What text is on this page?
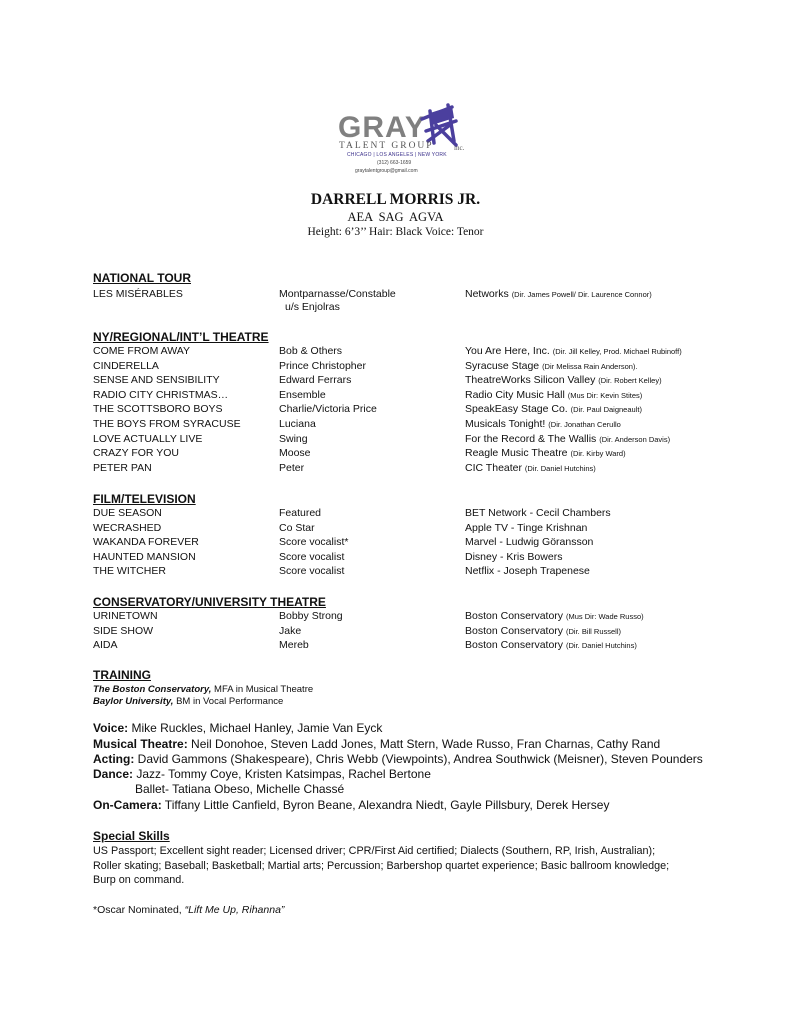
GRAY
TALENT GROUP	inc.
CHICAGO | LOS ANGELES | NEW YORK
(312) 663-1659
graytalentgroup@gmail.com
DARRELL MORRIS JR.
AEA SAG AGVA
Height: 6’3’’ Hair: Black Voice: Tenor
NATIONAL TOUR
LES MISÉRABLES	Montparnasse/Constable	Networks (Dir. James Powell/ Dir. Laurence Connor)
u/s Enjolras
NY/REGIONAL/INT’L THEATRE
COME FROM AWAY	Bob & Others	You Are Here, Inc. (Dir. Jill Kelley, Prod. Michael Rubinoff)
CINDERELLA	Prince Christopher	Syracuse Stage (Dir Melissa Rain Anderson).
SENSE AND SENSIBILITY	Edward Ferrars	TheatreWorks Silicon Valley (Dir. Robert Kelley)
RADIO CITY CHRISTMAS…	Ensemble	Radio City Music Hall (Mus Dir: Kevin Stites)
THE SCOTTSBORO BOYS	Charlie/Victoria Price	SpeakEasy Stage Co. (Dir. Paul Daigneault)
THE BOYS FROM SYRACUSE	Luciana	Musicals Tonight! (Dir. Jonathan Cerullo
LOVE ACTUALLY LIVE	Swing	For the Record & The Wallis (Dir. Anderson Davis)
CRAZY FOR YOU	Moose	Reagle Music Theatre (Dir. Kirby Ward)
PETER PAN	Peter	CIC Theater (Dir. Daniel Hutchins)
FILM/TELEVISION
DUE SEASON	Featured	BET Network - Cecil Chambers
WECRASHED	Co Star	Apple TV - Tinge Krishnan
WAKANDA FOREVER	Score vocalist*	Marvel - Ludwig Göransson
HAUNTED MANSION	Score vocalist	Disney - Kris Bowers
THE WITCHER	Score vocalist	Netflix - Joseph Trapenese
CONSERVATORY/UNIVERSITY THEATRE
URINETOWN	Bobby Strong	Boston Conservatory (Mus Dir: Wade Russo)
SIDE SHOW	Jake	Boston Conservatory (Dir. Bill Russell)
AIDA	Mereb	Boston Conservatory (Dir. Daniel Hutchins)
TRAINING
The Boston Conservatory, MFA in Musical Theatre
Baylor University, BM in Vocal Performance
Voice: Mike Ruckles, Michael Hanley, Jamie Van Eyck
Musical Theatre: Neil Donohoe, Steven Ladd Jones, Matt Stern, Wade Russo, Fran Charnas, Cathy Rand
Acting: David Gammons (Shakespeare), Chris Webb (Viewpoints), Andrea Southwick (Meisner), Steven Pounders
Dance: Jazz- Tommy Coye, Kristen Katsimpas, Rachel Bertone
Ballet- Tatiana Obeso, Michelle Chassé
On-Camera: Tiffany Little Canfield, Byron Beane, Alexandra Niedt, Gayle Pillsbury, Derek Hersey
Special Skills
US Passport; Excellent sight reader; Licensed driver; CPR/First Aid certified; Dialects (Southern, RP, Irish, Australian);
Roller skating; Baseball; Basketball; Martial arts; Percussion; Barbershop quartet experience; Basic ballroom knowledge;
Burp on command.
*Oscar Nominated, “Lift Me Up, Rihanna”
